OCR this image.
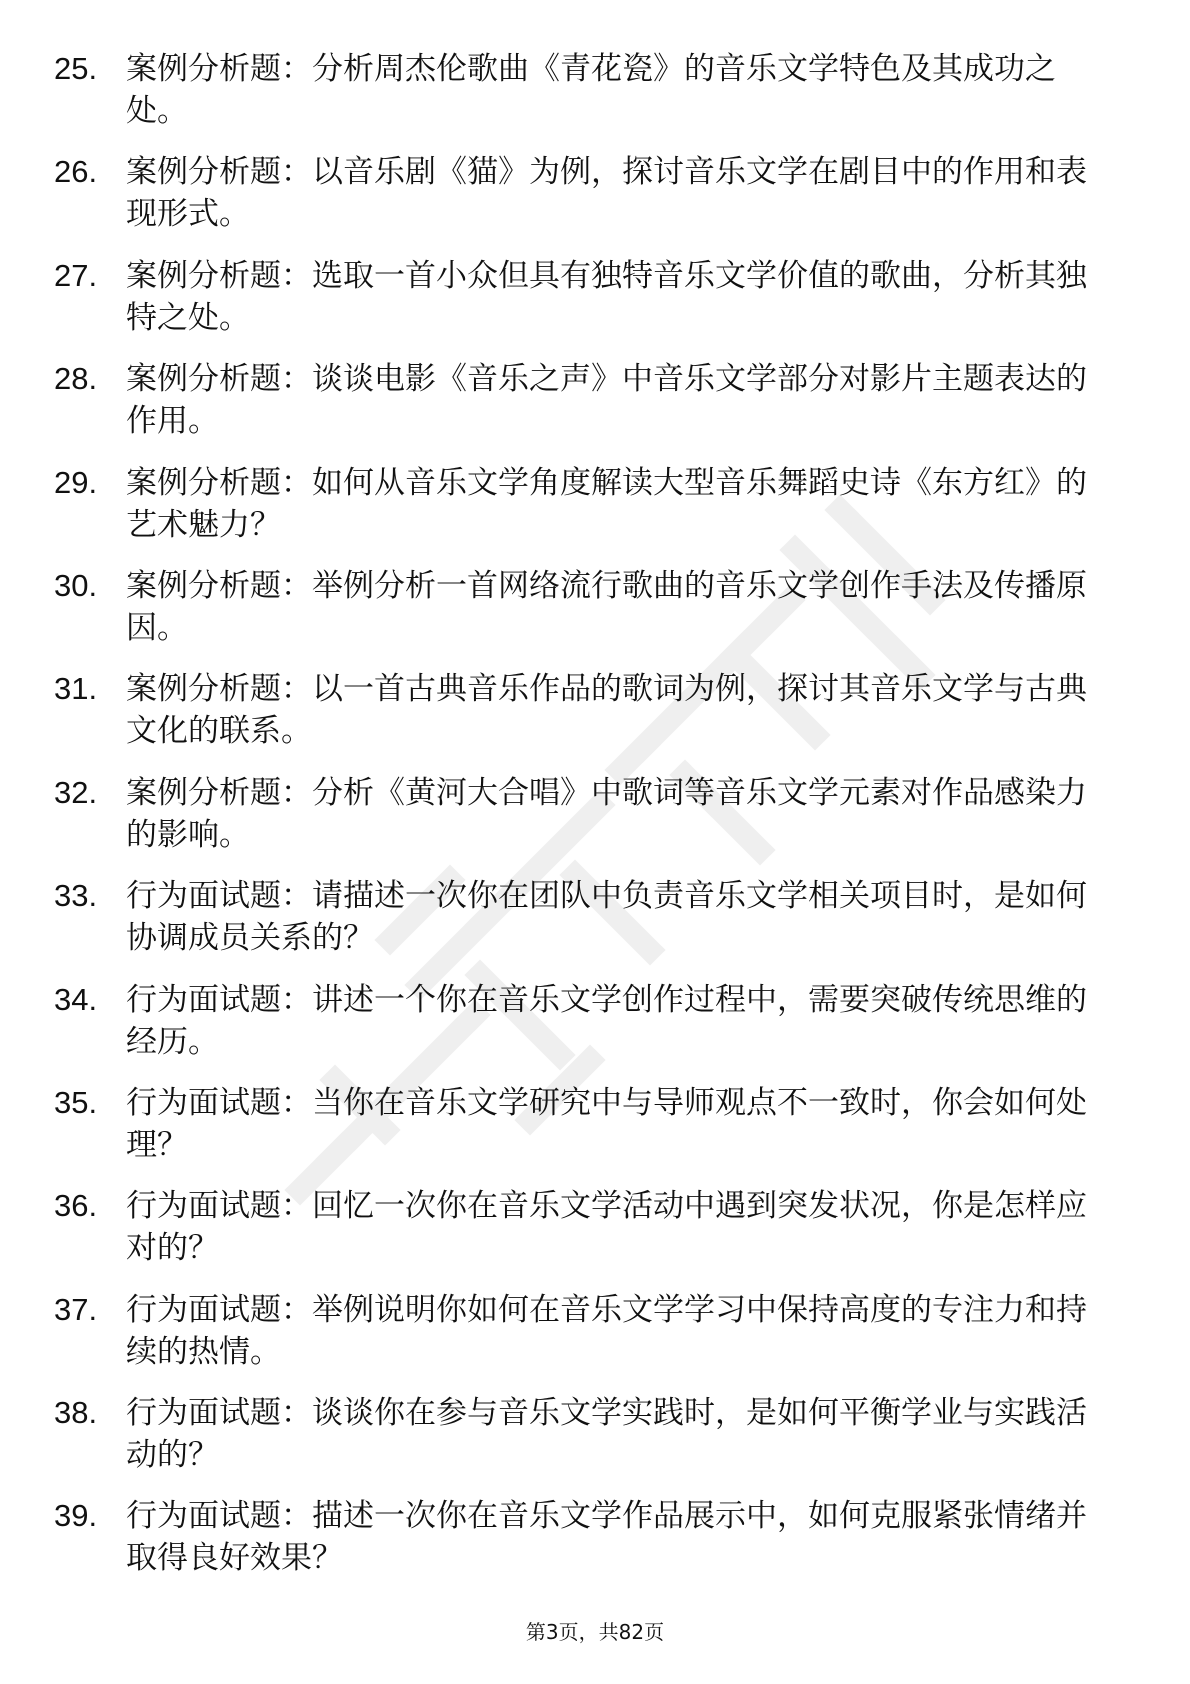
25. 案例分析题：分析周杰伦歌曲《青花瓷》的音乐文学特色及其成功之处。
26. 案例分析题：以音乐剧《猫》为例，探讨音乐文学在剧目中的作用和表现形式。
27. 案例分析题：选取一首小众但具有独特音乐文学价值的歌曲，分析其独特之处。
28. 案例分析题：谈谈电影《音乐之声》中音乐文学部分对影片主题表达的作用。
29. 案例分析题：如何从音乐文学角度解读大型音乐舞蹈史诗《东方红》的艺术魅力？
30. 案例分析题：举例分析一首网络流行歌曲的音乐文学创作手法及传播原因。
31. 案例分析题：以一首古典音乐作品的歌词为例，探讨其音乐文学与古典文化的联系。
32. 案例分析题：分析《黄河大合唱》中歌词等音乐文学元素对作品感染力的影响。
33. 行为面试题：请描述一次你在团队中负责音乐文学相关项目时，是如何协调成员关系的？
34. 行为面试题：讲述一个你在音乐文学创作过程中，需要突破传统思维的经历。
35. 行为面试题：当你在音乐文学研究中与导师观点不一致时，你会如何处理？
36. 行为面试题：回忆一次你在音乐文学活动中遇到突发状况，你是怎样应对的？
37. 行为面试题：举例说明你如何在音乐文学学习中保持高度的专注力和持续的热情。
38. 行为面试题：谈谈你在参与音乐文学实践时，是如何平衡学业与实践活动的？
39. 行为面试题：描述一次你在音乐文学作品展示中，如何克服紧张情绪并取得良好效果？
第3页，共82页
